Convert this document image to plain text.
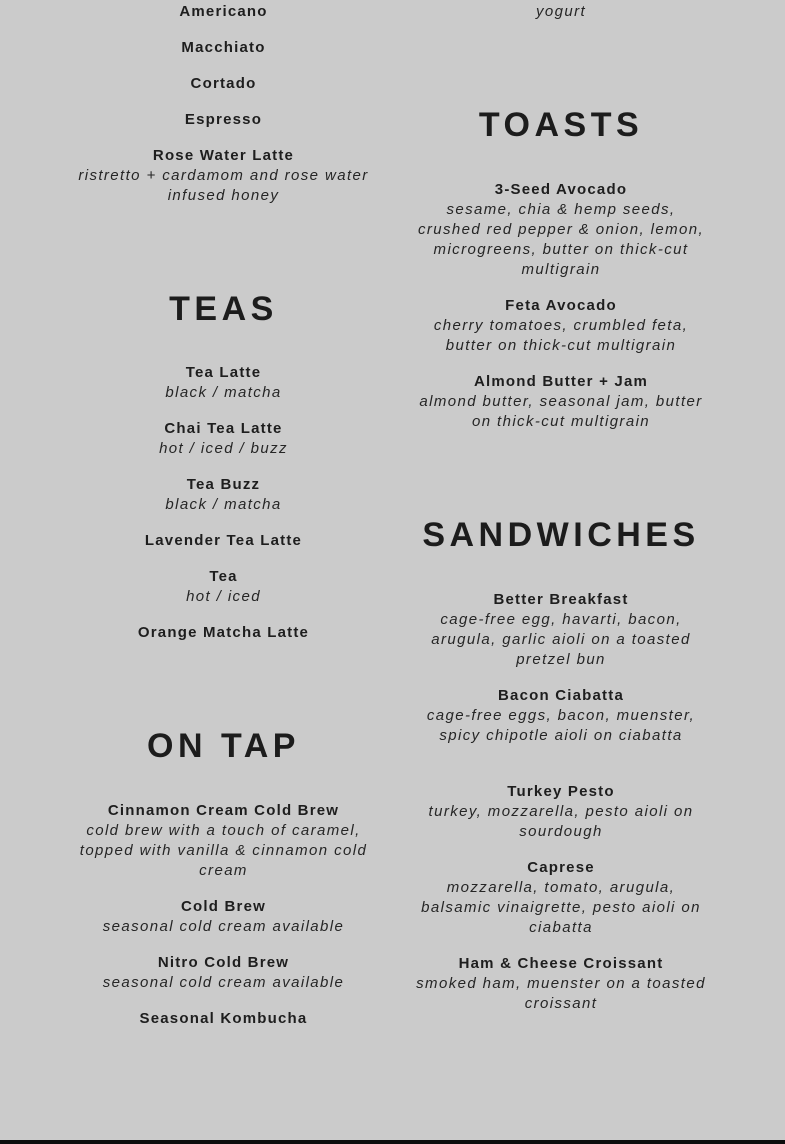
Americano
Macchiato
Cortado
Espresso
Rose Water Latte
ristretto + cardamom and rose water infused honey
TEAS
Tea Latte
black / matcha
Chai Tea Latte
hot / iced / buzz
Tea Buzz
black / matcha
Lavender Tea Latte
Tea
hot / iced
Orange Matcha Latte
ON TAP
Cinnamon Cream Cold Brew
cold brew with a touch of caramel, topped with vanilla & cinnamon cold cream
Cold Brew
seasonal cold cream available
Nitro Cold Brew
seasonal cold cream available
Seasonal Kombucha
yogurt
TOASTS
3-Seed Avocado
sesame, chia & hemp seeds, crushed red pepper & onion, lemon, microgreens, butter on thick-cut multigrain
Feta Avocado
cherry tomatoes, crumbled feta, butter on thick-cut multigrain
Almond Butter + Jam
almond butter, seasonal jam, butter on thick-cut multigrain
SANDWICHES
Better Breakfast
cage-free egg, havarti, bacon, arugula, garlic aioli on a toasted pretzel bun
Bacon Ciabatta
cage-free eggs, bacon, muenster, spicy chipotle aioli on ciabatta
Turkey Pesto
turkey, mozzarella, pesto aioli on sourdough
Caprese
mozzarella, tomato, arugula, balsamic vinaigrette, pesto aioli on ciabatta
Ham & Cheese Croissant
smoked ham, muenster on a toasted croissant
